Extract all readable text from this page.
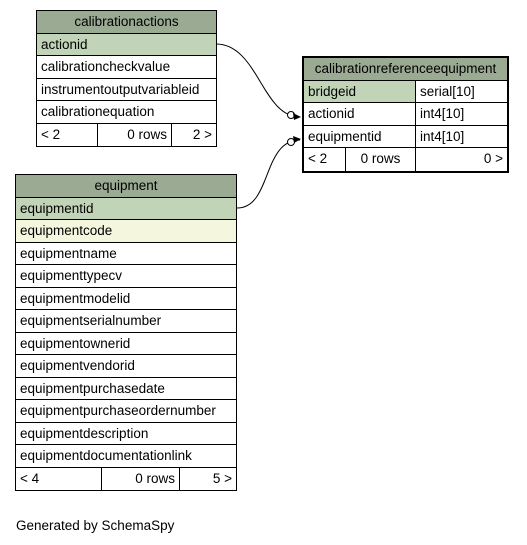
calibrationactions
actionid
calibrationcheckvalue
instrumentoutputvariableid
calibrationequation
< 2	0 rows	2 >
calibrationreferenceequipment
bridgeid	serial[10]
actionid	int4[10]
equipmentid	int4[10]
< 2	0 rows	0 >
equipment
equipmentid
equipmentcode
equipmentname
equipmenttypecv
equipmentmodelid
equipmentserialnumber
equipmentownerid
equipmentvendorid
equipmentpurchasedate
equipmentpurchaseordernumber
equipmentdescription
equipmentdocumentationlink
< 4	0 rows	5 >
Generated by SchemaSpy
